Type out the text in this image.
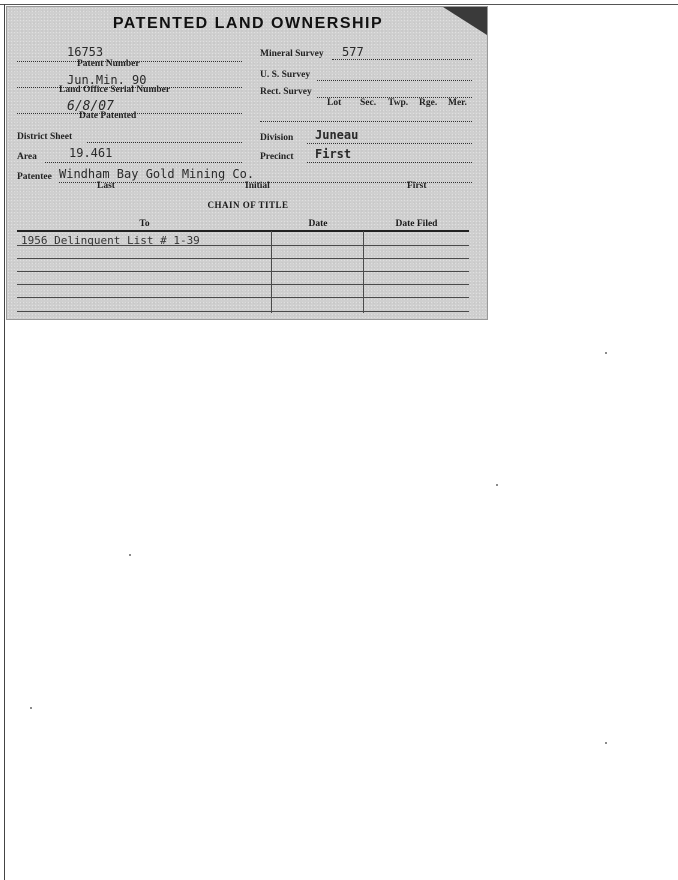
PATENTED LAND OWNERSHIP
16753
Patent Number
Jun.Min. 90
Land Office Serial Number
6/8/07
Date Patented
District Sheet
Area	19.461
Mineral Survey 577
U. S. Survey
Rect. Survey
Lot Sec. Twp. Rge. Mer.
Division Juneau
Precinct First
Patentee Windham Bay Gold Mining Co.
Last	Initial	First
CHAIN OF TITLE
To	Date	Date Filed
1956 Delinquent List # 1-39
